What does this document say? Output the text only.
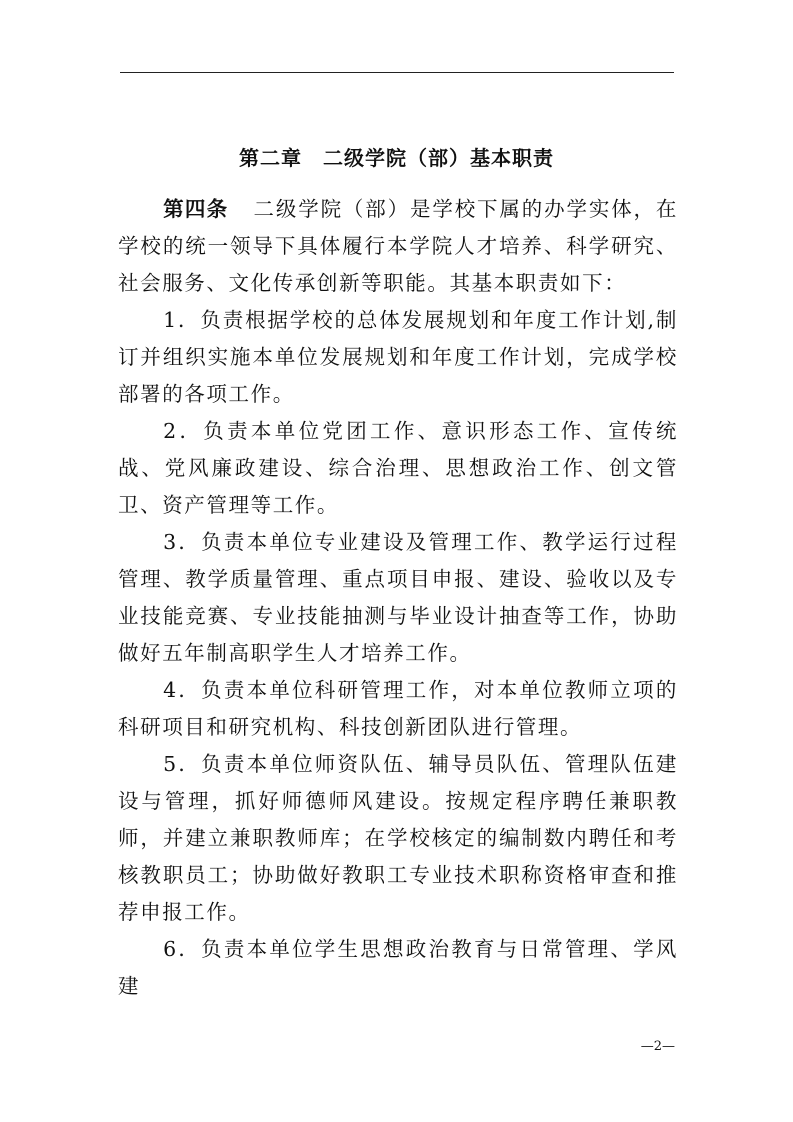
第二章　二级学院（部）基本职责

第四条 二级学院（部）是学校下属的办学实体，在学校的统一领导下具体履行本学院人才培养、科学研究、社会服务、文化传承创新等职能。其基本职责如下：

1．负责根据学校的总体发展规划和年度工作计划,制订并组织实施本单位发展规划和年度工作计划，完成学校部署的各项工作。

2．负责本单位党团工作、意识形态工作、宣传统战、党风廉政建设、综合治理、思想政治工作、创文管卫、资产管理等工作。

3．负责本单位专业建设及管理工作、教学运行过程管理、教学质量管理、重点项目申报、建设、验收以及专业技能竞赛、专业技能抽测与毕业设计抽查等工作，协助做好五年制高职学生人才培养工作。

4．负责本单位科研管理工作，对本单位教师立项的科研项目和研究机构、科技创新团队进行管理。

5．负责本单位师资队伍、辅导员队伍、管理队伍建设与管理，抓好师德师风建设。按规定程序聘任兼职教师，并建立兼职教师库；在学校核定的编制数内聘任和考核教职员工；协助做好教职工专业技术职称资格审查和推荐申报工作。

6．负责本单位学生思想政治教育与日常管理、学风建

—2—
